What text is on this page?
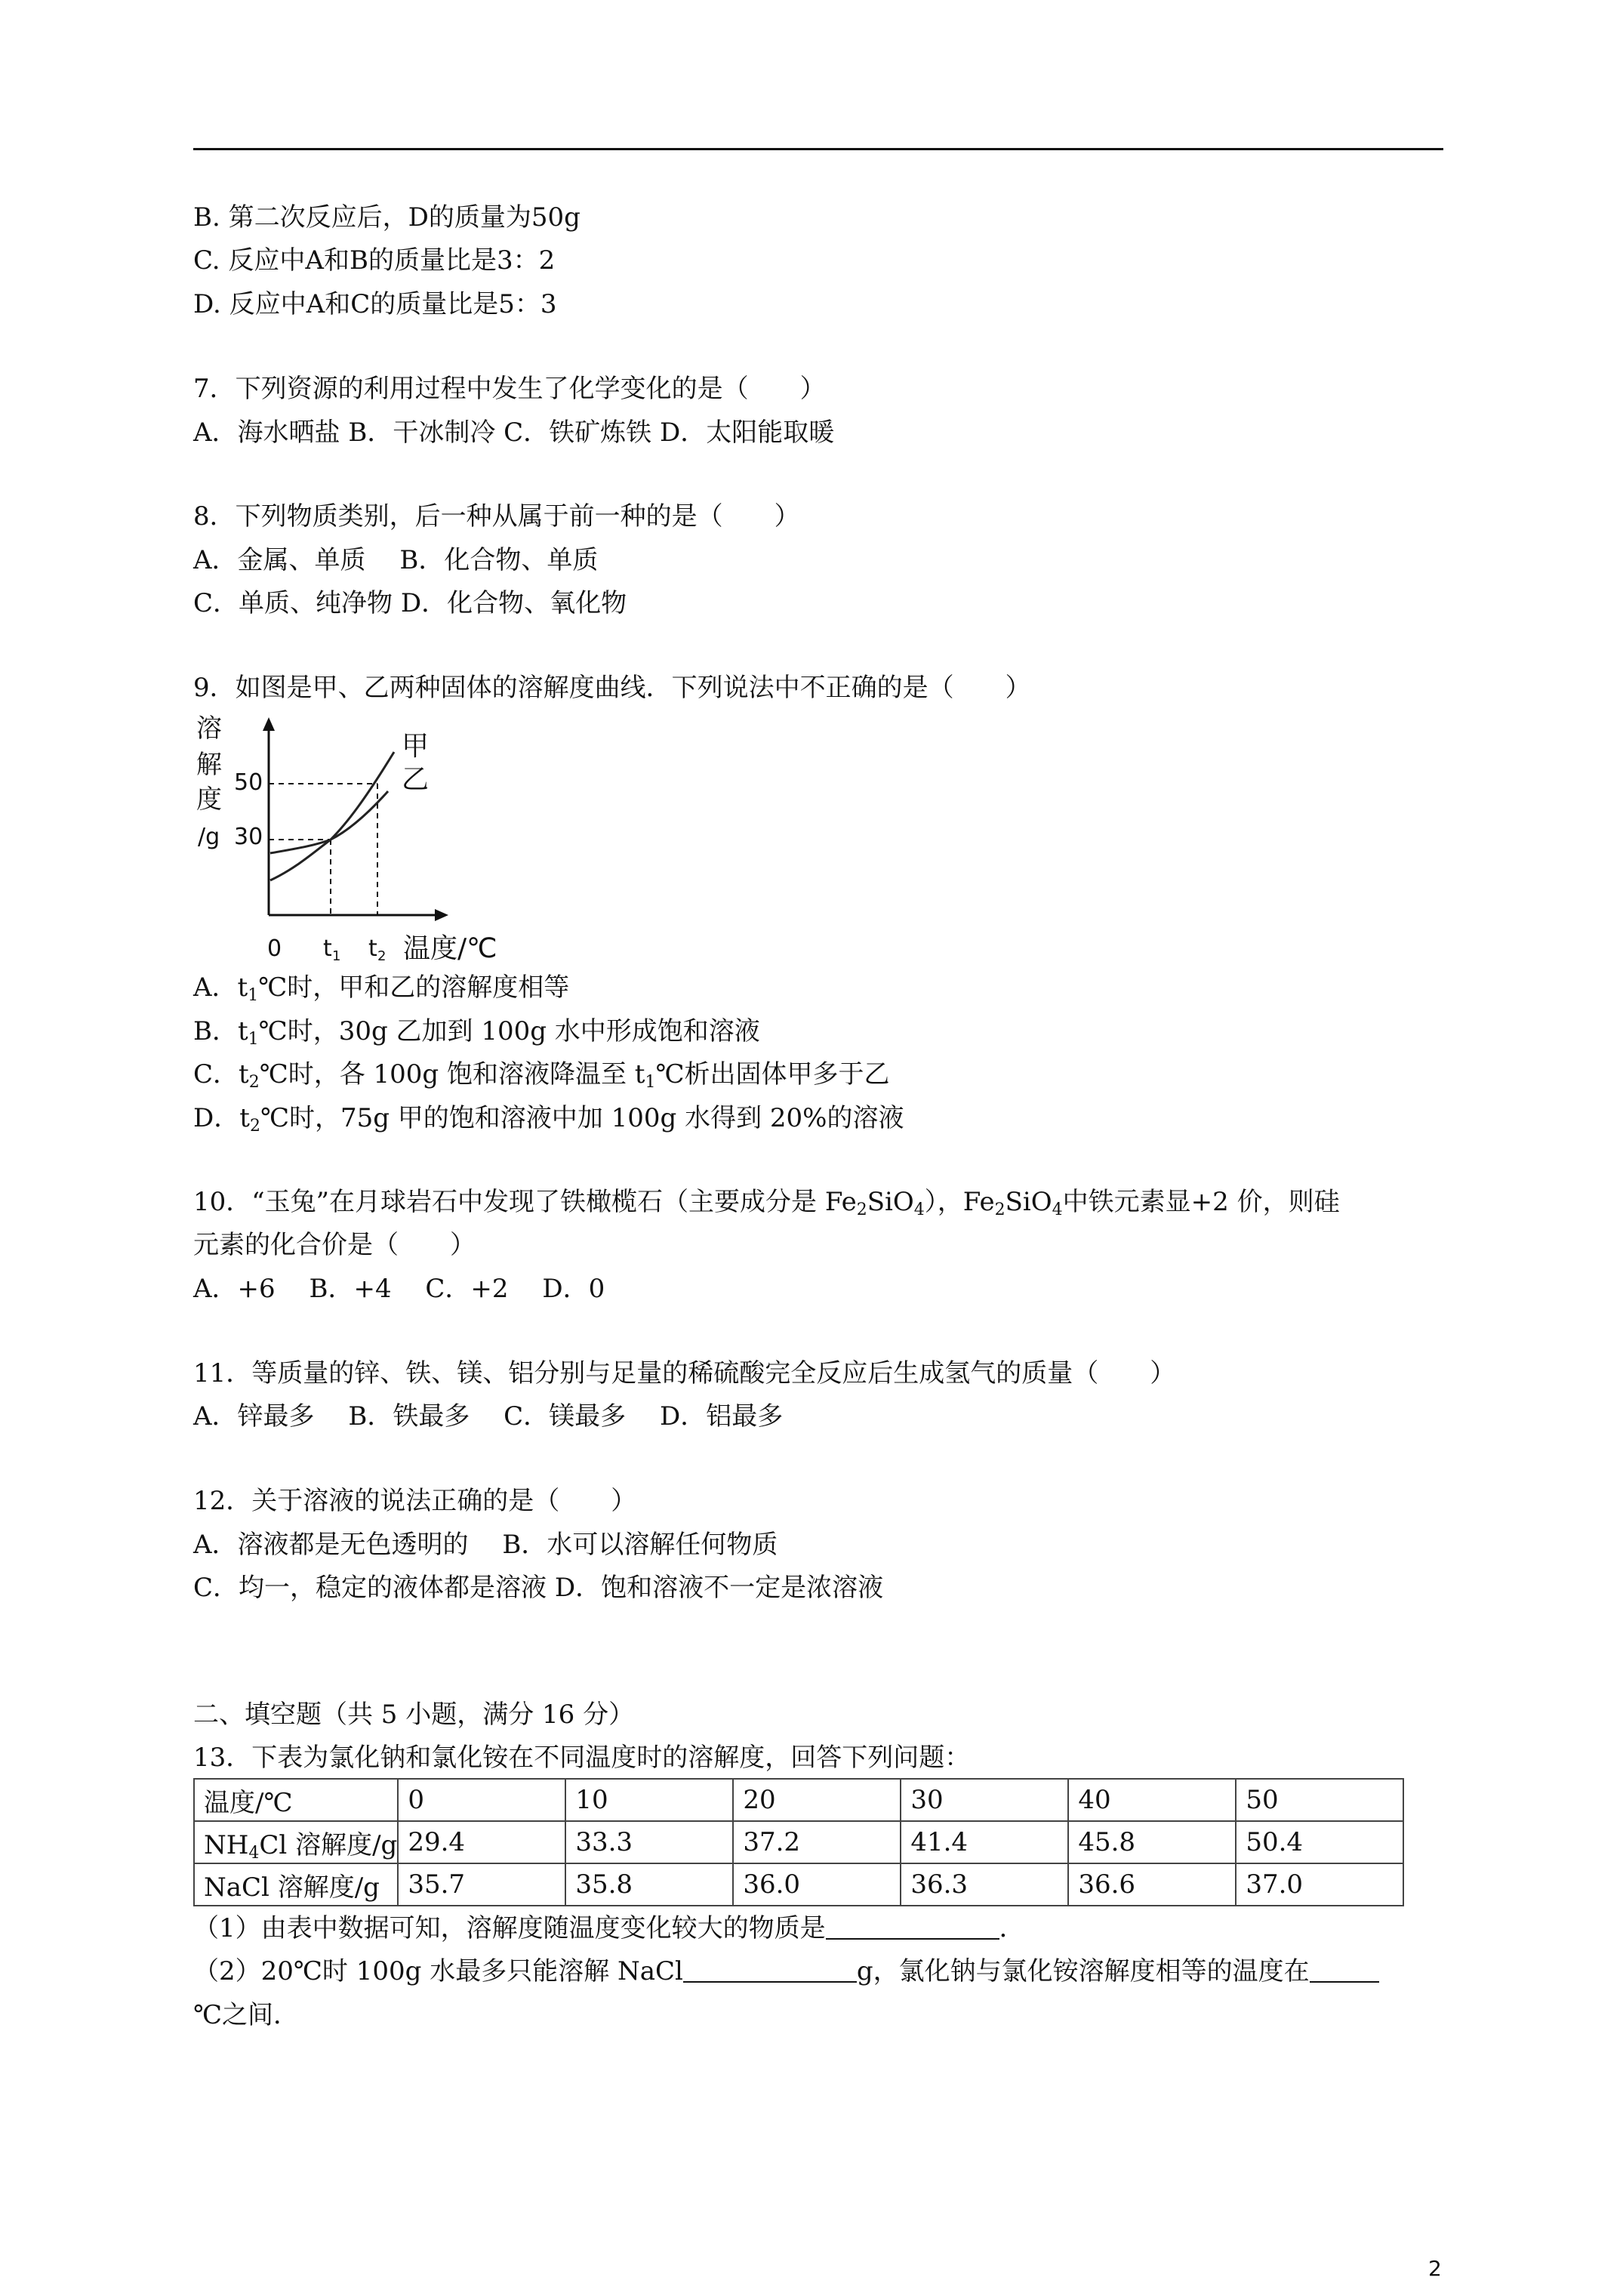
B. 第二次反应后，D的质量为50g
C. 反应中A和B的质量比是3：2
D. 反应中A和C的质量比是5：3
7．下列资源的利用过程中发生了化学变化的是（　　）
A．海水晒盐 B．干冰制冷 C．铁矿炼铁 D．太阳能取暖
8．下列物质类别，后一种从属于前一种的是（　　）
A．金属、单质　 B．化合物、单质
C．单质、纯净物 D．化合物、氧化物
9．如图是甲、乙两种固体的溶解度曲线．下列说法中不正确的是（　　）
溶
解
度
/g
50
30
甲
乙
0 t 1 t 2 温度/℃
A．$t_1℃$时，甲和乙的溶解度相等
B．$t_1℃$时，30g 乙加到 100g 水中形成饱和溶液
C．$t_2℃$时，各 100g 饱和溶液降温至 $t_1℃$析出固体甲多于乙
D．$t_2℃$时，75g 甲的饱和溶液中加 100g 水得到 20%的溶液
10．“玉兔”在月球岩石中发现了铁橄榄石（主要成分是 $Fe_2SiO_4$），$Fe_2SiO_4$中铁元素显+2 价，则硅
元素的化合价是（　　）
A．+6　 B．+4　 C．+2　 D．0
11．等质量的锌、铁、镁、铝分别与足量的稀硫酸完全反应后生成氢气的质量（　　）
A．锌最多　 B．铁最多　 C．镁最多　 D．铝最多
12．关于溶液的说法正确的是（　　）
A．溶液都是无色透明的　 B．水可以溶解任何物质
C．均一，稳定的液体都是溶液 D．饱和溶液不一定是浓溶液
二、填空题（共 5 小题，满分 16 分）
13．下表为氯化钠和氯化铵在不同温度时的溶解度，回答下列问题：
温度/℃	0	10	20	30	40	50
$NH_4Cl$ 溶解度/g	29.4	33.3	37.2	41.4	45.8	50.4
NaCl 溶解度/g	35.7	35.8	36.0	36.3	36.6	37.0
（1）由表中数据可知，溶解度随温度变化较大的物质是	．
（2）20℃时 100g 水最多只能溶解 NaCl	g，氯化钠与氯化铵溶解度相等的温度在
℃之间．
2
